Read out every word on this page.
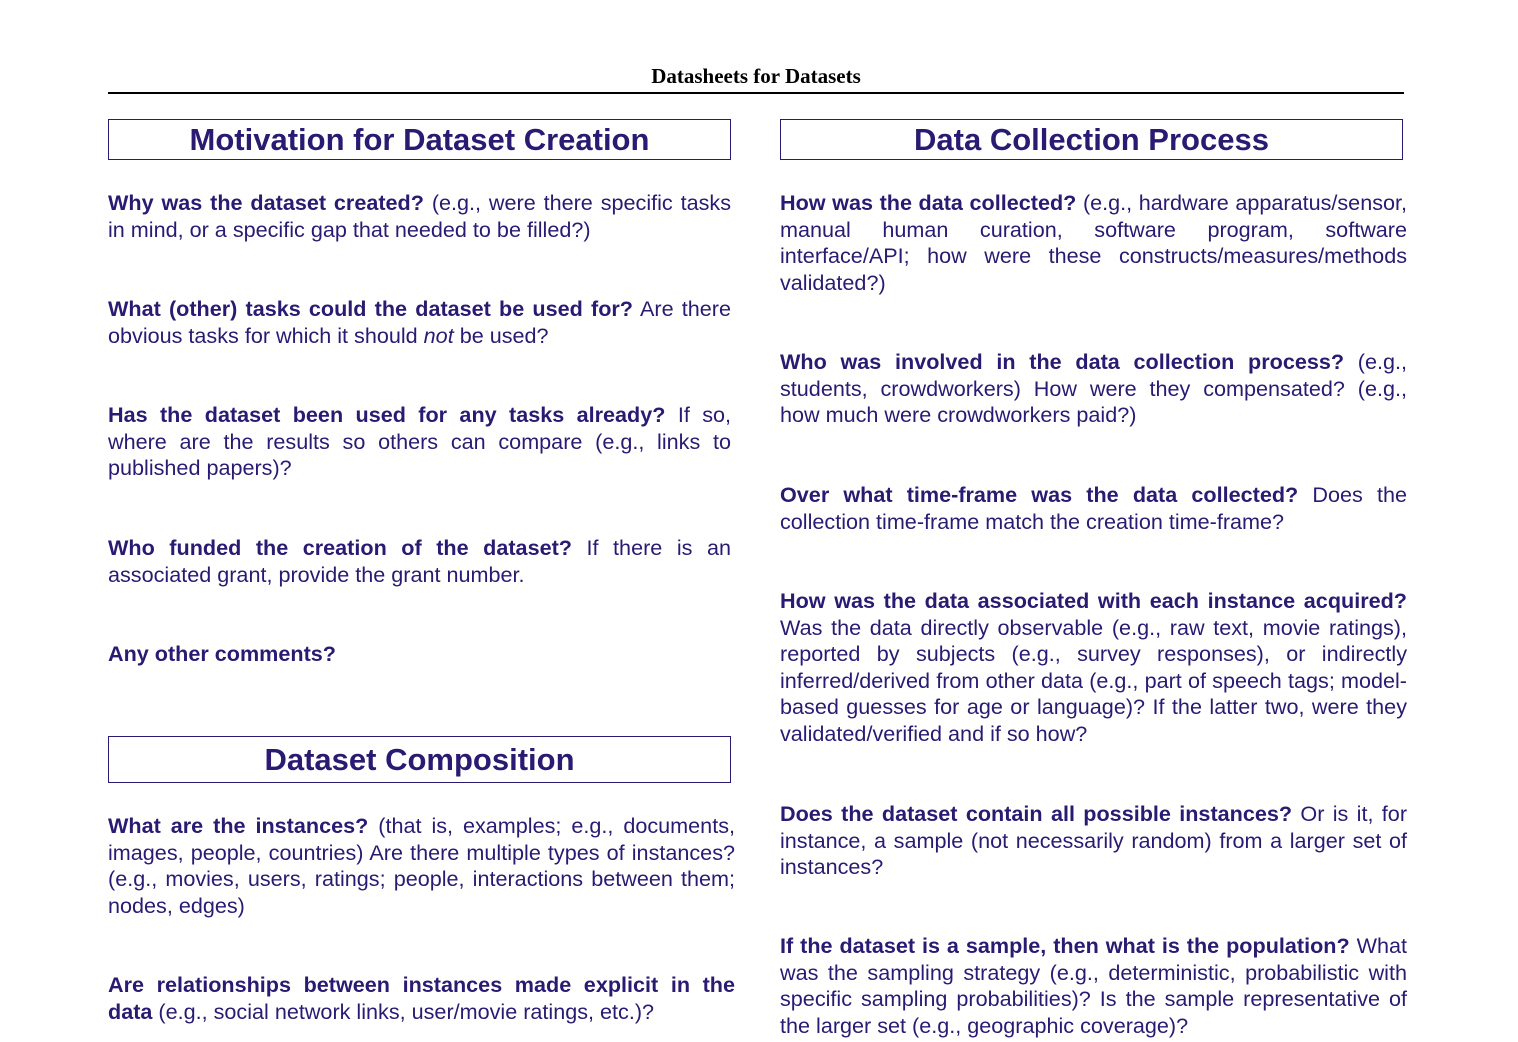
Datasheets for Datasets
Motivation for Dataset Creation
Why was the dataset created? (e.g., were there specific tasks in mind, or a specific gap that needed to be filled?)
What (other) tasks could the dataset be used for? Are there obvious tasks for which it should not be used?
Has the dataset been used for any tasks already? If so, where are the results so others can compare (e.g., links to published papers)?
Who funded the creation of the dataset? If there is an associated grant, provide the grant number.
Any other comments?
Dataset Composition
What are the instances? (that is, examples; e.g., documents, images, people, countries) Are there multiple types of instances? (e.g., movies, users, ratings; people, interactions between them; nodes, edges)
Are relationships between instances made explicit in the data (e.g., social network links, user/movie ratings, etc.)?
Data Collection Process
How was the data collected? (e.g., hardware apparatus/sensor, manual human curation, software program, software interface/API; how were these constructs/measures/methods validated?)
Who was involved in the data collection process? (e.g., students, crowdworkers) How were they compensated? (e.g., how much were crowdworkers paid?)
Over what time-frame was the data collected? Does the collection time-frame match the creation time-frame?
How was the data associated with each instance acquired? Was the data directly observable (e.g., raw text, movie ratings), reported by subjects (e.g., survey responses), or indirectly inferred/derived from other data (e.g., part of speech tags; model-based guesses for age or language)? If the latter two, were they validated/verified and if so how?
Does the dataset contain all possible instances? Or is it, for instance, a sample (not necessarily random) from a larger set of instances?
If the dataset is a sample, then what is the population? What was the sampling strategy (e.g., deterministic, probabilistic with specific sampling probabilities)? Is the sample representative of the larger set (e.g., geographic coverage)?
